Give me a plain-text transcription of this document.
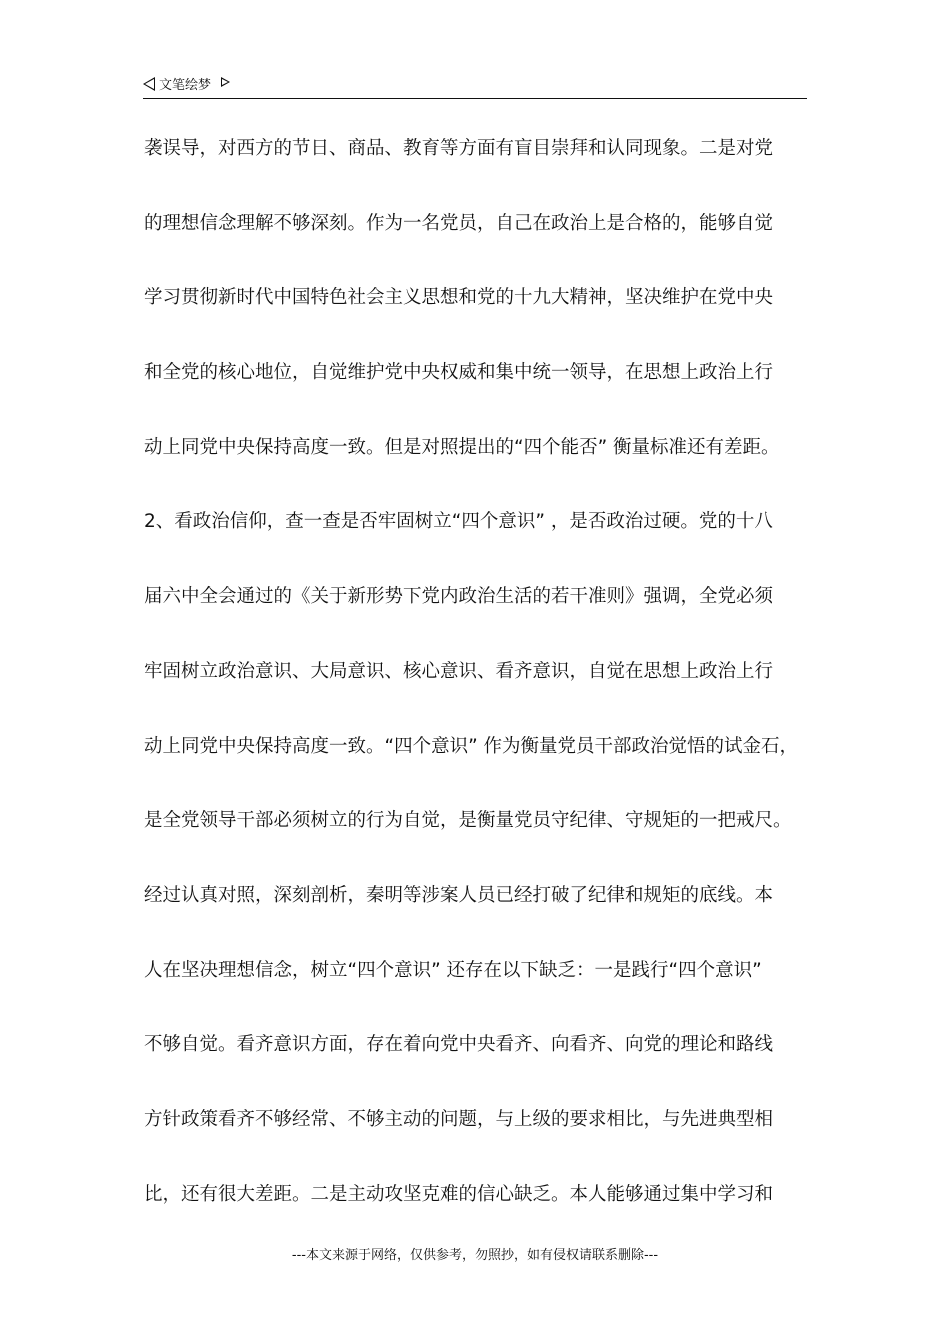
文笔绘梦
袭误导，对西方的节日、商品、教育等方面有盲目崇拜和认同现象。二是对党
的理想信念理解不够深刻。作为一名党员，自己在政治上是合格的，能够自觉
学习贯彻新时代中国特色社会主义思想和党的十九大精神，坚决维护在党中央
和全党的核心地位，自觉维护党中央权威和集中统一领导，在思想上政治上行
动上同党中央保持高度一致。但是对照提出的“四个能否” 衡量标准还有差距。
2、看政治信仰，查一查是否牢固树立“四个意识” ，是否政治过硬。党的十八
届六中全会通过的《关于新形势下党内政治生活的若干准则》强调，全党必须
牢固树立政治意识、大局意识、核心意识、看齐意识，自觉在思想上政治上行
动上同党中央保持高度一致。“四个意识” 作为衡量党员干部政治觉悟的试金石，
是全党领导干部必须树立的行为自觉，是衡量党员守纪律、守规矩的一把戒尺。
经过认真对照，深刻剖析，秦明等涉案人员已经打破了纪律和规矩的底线。本
人在坚决理想信念，树立“四个意识” 还存在以下缺乏：一是践行“四个意识”
不够自觉。看齐意识方面，存在着向党中央看齐、向看齐、向党的理论和路线
方针政策看齐不够经常、不够主动的问题，与上级的要求相比，与先进典型相
比，还有很大差距。二是主动攻坚克难的信心缺乏。本人能够通过集中学习和
---本文来源于网络，仅供参考，勿照抄，如有侵权请联系删除---
